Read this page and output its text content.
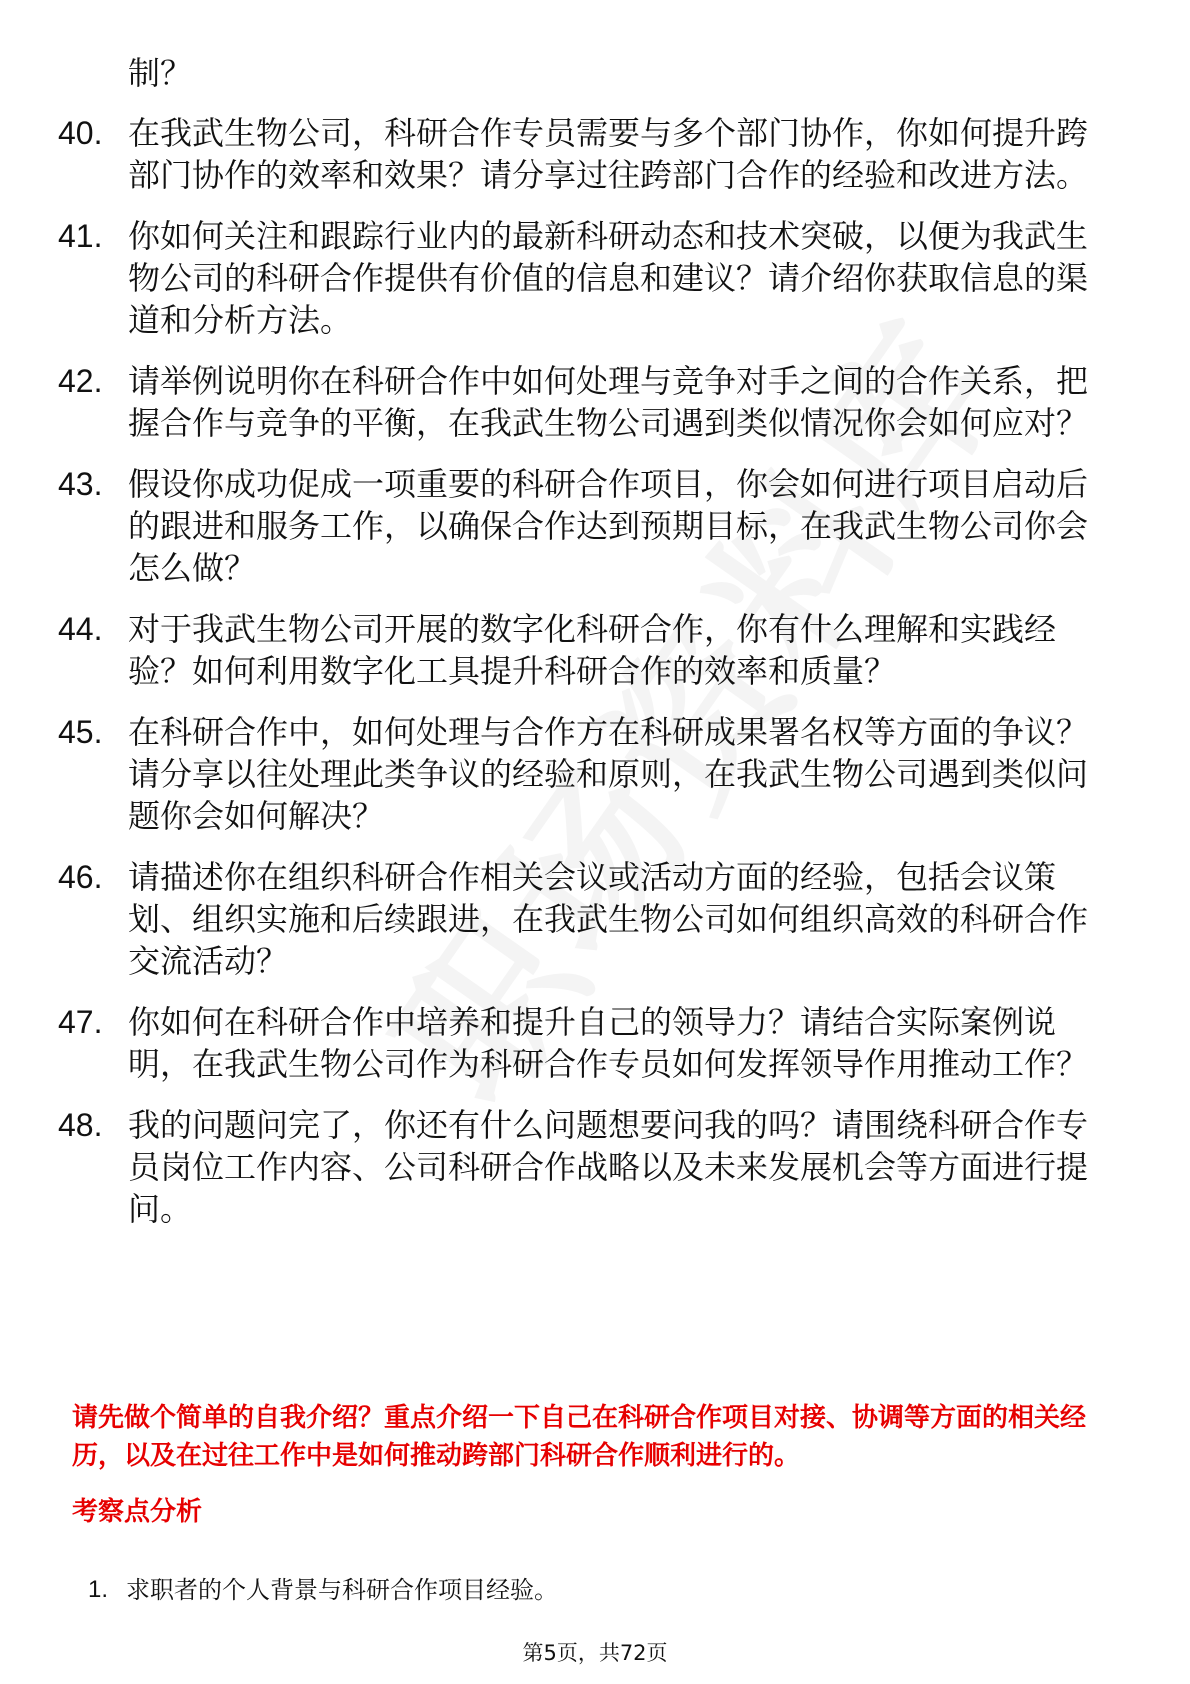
制？

40. 在我武生物公司，科研合作专员需要与多个部门协作，你如何提升跨部门协作的效率和效果？请分享过往跨部门合作的经验和改进方法。
41. 你如何关注和跟踪行业内的最新科研动态和技术突破，以便为我武生物公司的科研合作提供有价值的信息和建议？请介绍你获取信息的渠道和分析方法。
42. 请举例说明你在科研合作中如何处理与竞争对手之间的合作关系，把握合作与竞争的平衡，在我武生物公司遇到类似情况你会如何应对？
43. 假设你成功促成一项重要的科研合作项目，你会如何进行项目启动后的跟进和服务工作，以确保合作达到预期目标，在我武生物公司你会怎么做？
44. 对于我武生物公司开展的数字化科研合作，你有什么理解和实践经验？如何利用数字化工具提升科研合作的效率和质量？
45. 在科研合作中，如何处理与合作方在科研成果署名权等方面的争议？请分享以往处理此类争议的经验和原则，在我武生物公司遇到类似问题你会如何解决？
46. 请描述你在组织科研合作相关会议或活动方面的经验，包括会议策划、组织实施和后续跟进，在我武生物公司如何组织高效的科研合作交流活动？
47. 你如何在科研合作中培养和提升自己的领导力？请结合实际案例说明，在我武生物公司作为科研合作专员如何发挥领导作用推动工作？
48. 我的问题问完了，你还有什么问题想要问我的吗？请围绕科研合作专员岗位工作内容、公司科研合作战略以及未来发展机会等方面进行提问。

请先做个简单的自我介绍？重点介绍一下自己在科研合作项目对接、协调等方面的相关经历，以及在过往工作中是如何推动跨部门科研合作顺利进行的。

考察点分析
1. 求职者的个人背景与科研合作项目经验。
第5页，共72页
